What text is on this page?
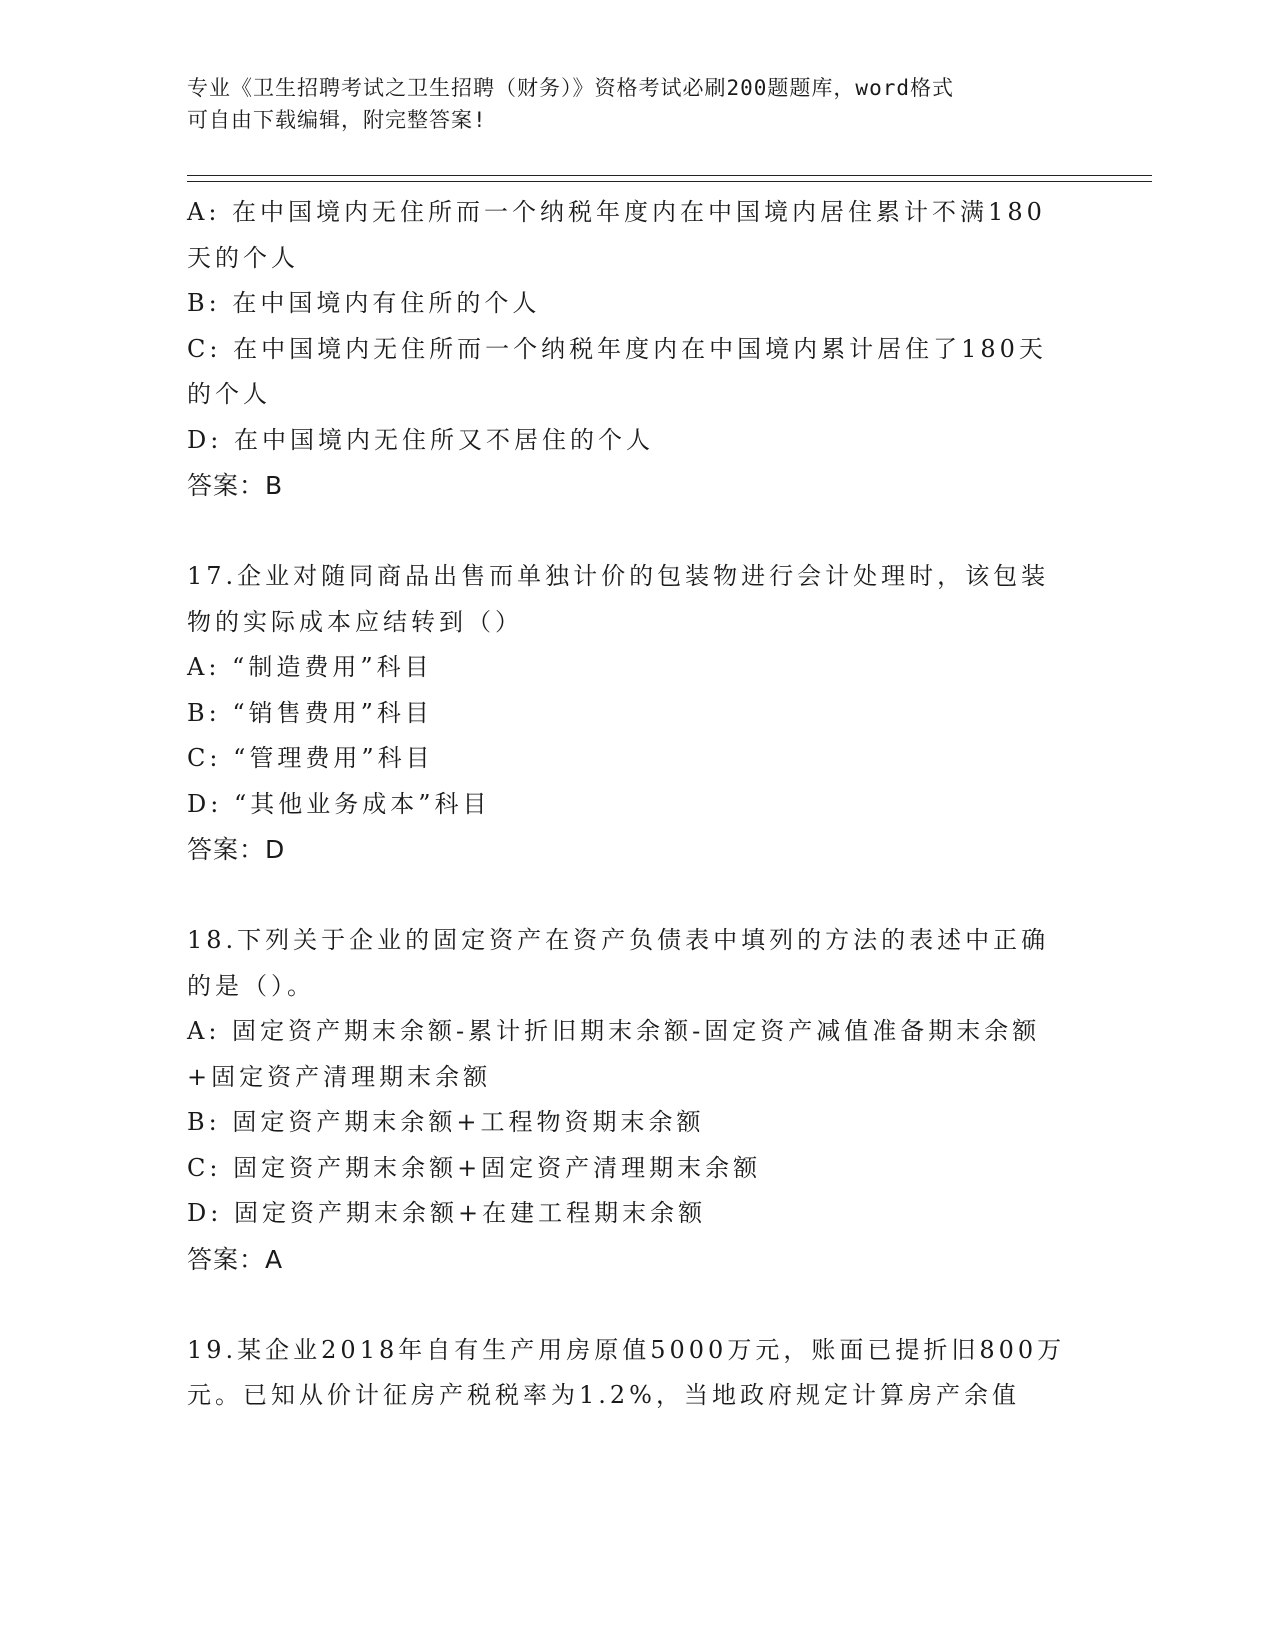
专业《卫生招聘考试之卫生招聘（财务）》资格考试必刷200题题库，word格式
可自由下载编辑，附完整答案!
A: 在中国境内无住所而一个纳税年度内在中国境内居住累计不满180
天的个人
B: 在中国境内有住所的个人
C: 在中国境内无住所而一个纳税年度内在中国境内累计居住了180天
的个人
D: 在中国境内无住所又不居住的个人
答案：B
17.企业对随同商品出售而单独计价的包装物进行会计处理时，该包装
物的实际成本应结转到（）
A: “制造费用”科目
B: “销售费用”科目
C: “管理费用”科目
D: “其他业务成本”科目
答案：D
18.下列关于企业的固定资产在资产负债表中填列的方法的表述中正确
的是（）。
A: 固定资产期末余额-累计折旧期末余额-固定资产减值准备期末余额
+固定资产清理期末余额
B: 固定资产期末余额+工程物资期末余额
C: 固定资产期末余额+固定资产清理期末余额
D: 固定资产期末余额+在建工程期末余额
答案：A
19.某企业2018年自有生产用房原值5000万元，账面已提折旧800万
元。已知从价计征房产税税率为1.2%，当地政府规定计算房产余值
